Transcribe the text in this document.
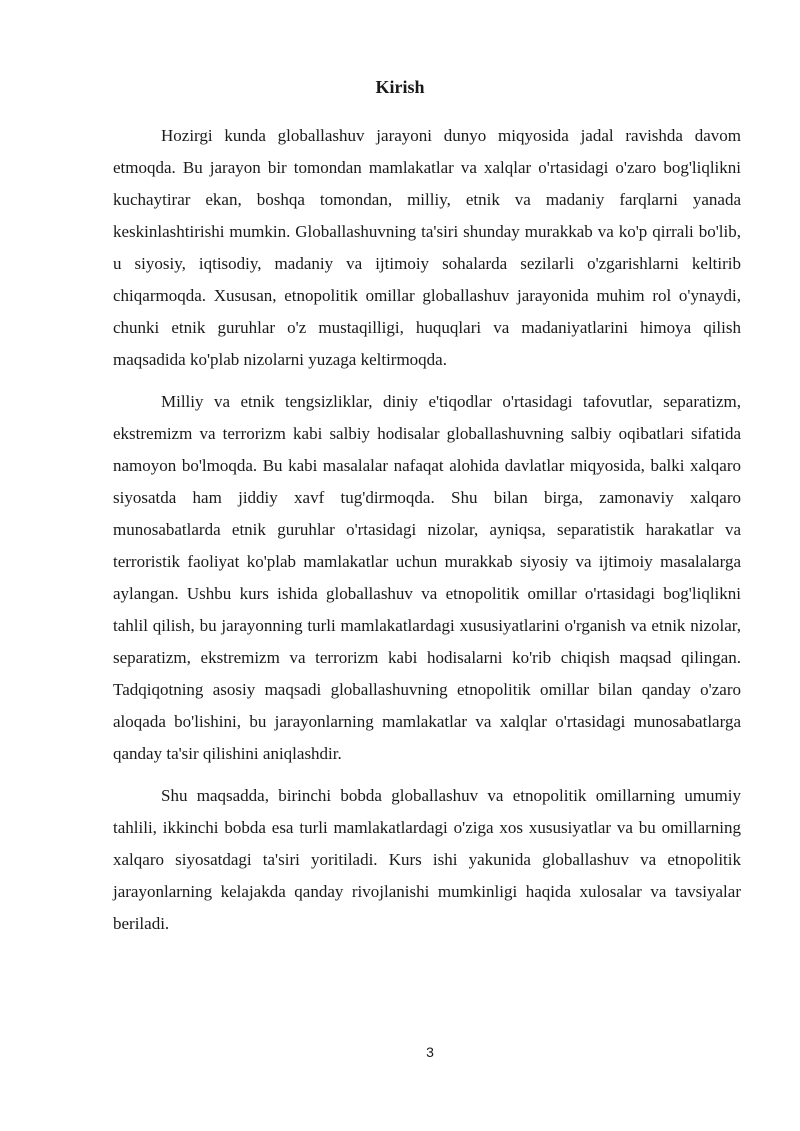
Kirish

Hozirgi kunda globallashuv jarayoni dunyo miqyosida jadal ravishda davom etmoqda. Bu jarayon bir tomondan mamlakatlar va xalqlar o'rtasidagi o'zaro bog'liqlikni kuchaytirar ekan, boshqa tomondan, milliy, etnik va madaniy farqlarni yanada keskinlashtirishi mumkin. Globallashuvning ta'siri shunday murakkab va ko'p qirrali bo'lib, u siyosiy, iqtisodiy, madaniy va ijtimoiy sohalarda sezilarli o'zgarishlarni keltirib chiqarmoqda. Xususan, etnopolitik omillar globallashuv jarayonida muhim rol o'ynaydi, chunki etnik guruhlar o'z mustaqilligi, huquqlari va madaniyatlarini himoya qilish maqsadida ko'plab nizolarni yuzaga keltirmoqda.

Milliy va etnik tengsizliklar, diniy e'tiqodlar o'rtasidagi tafovutlar, separatizm, ekstremizm va terrorizm kabi salbiy hodisalar globallashuvning salbiy oqibatlari sifatida namoyon bo'lmoqda. Bu kabi masalalar nafaqat alohida davlatlar miqyosida, balki xalqaro siyosatda ham jiddiy xavf tug'dirmoqda. Shu bilan birga, zamonaviy xalqaro munosabatlarda etnik guruhlar o'rtasidagi nizolar, ayniqsa, separatistik harakatlar va terroristik faoliyat ko'plab mamlakatlar uchun murakkab siyosiy va ijtimoiy masalalarga aylangan. Ushbu kurs ishida globallashuv va etnopolitik omillar o'rtasidagi bog'liqlikni tahlil qilish, bu jarayonning turli mamlakatlardagi xususiyatlarini o'rganish va etnik nizolar, separatizm, ekstremizm va terrorizm kabi hodisalarni ko'rib chiqish maqsad qilingan. Tadqiqotning asosiy maqsadi globallashuvning etnopolitik omillar bilan qanday o'zaro aloqada bo'lishini, bu jarayonlarning mamlakatlar va xalqlar o'rtasidagi munosabatlarga qanday ta'sir qilishini aniqlashdir.

Shu maqsadda, birinchi bobda globallashuv va etnopolitik omillarning umumiy tahlili, ikkinchi bobda esa turli mamlakatlardagi o'ziga xos xususiyatlar va bu omillarning xalqaro siyosatdagi ta'siri yoritiladi. Kurs ishi yakunida globallashuv va etnopolitik jarayonlarning kelajakda qanday rivojlanishi mumkinligi haqida xulosalar va tavsiyalar beriladi.

3
